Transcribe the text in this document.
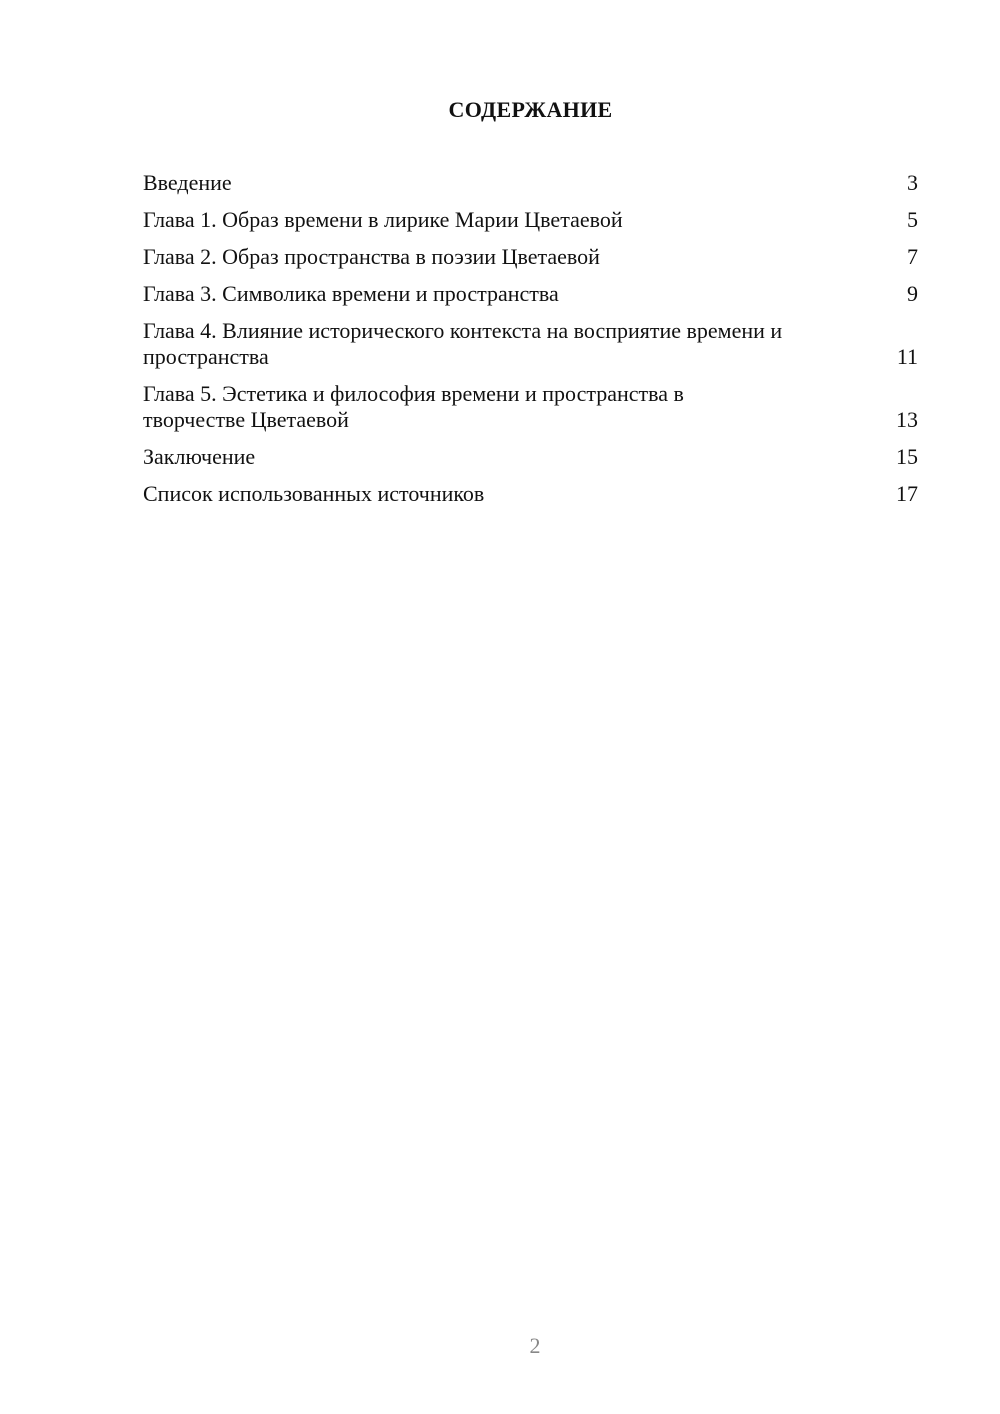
СОДЕРЖАНИЕ
Введение	3
Глава 1. Образ времени в лирике Марии Цветаевой	5
Глава 2. Образ пространства в поэзии Цветаевой	7
Глава 3. Символика времени и пространства	9
Глава 4. Влияние исторического контекста на восприятие времени и пространства	11
Глава 5. Эстетика и философия времени и пространства в творчестве Цветаевой	13
Заключение	15
Список использованных источников	17
2
